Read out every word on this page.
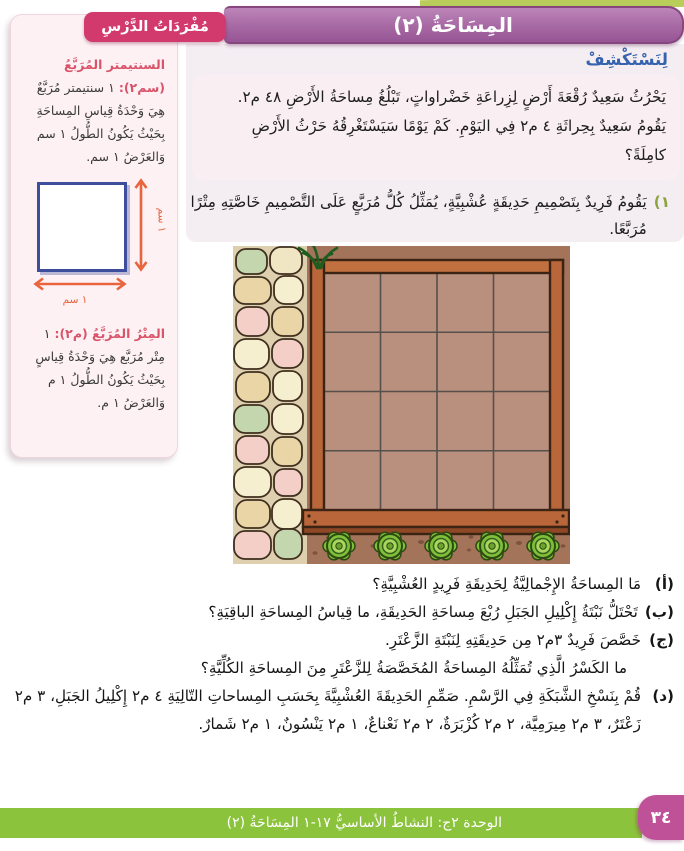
المِسَاحَةُ (٢)
مُفْرَدَاتُ الدَّرْسِ

السنتيمتر المُرَبَّعُ (سم٢): ١ سنتيمتر مُرَبَّعٌ هِيَ وَحْدَةُ قِياسِ المِساحَةِ بِحَيْثُ يَكُونُ الطُّولُ ١ سم وَالعَرْضُ ١ سم.

١ سم
١ سم

المِتْرُ المُرَبَّعُ (م٢): ١ مِتْر مُرَبَّع هِيَ وَحْدَةُ قِياسٍ بِحَيْثُ يَكُونُ الطُّولُ ١ م وَالعَرْضُ ١ م.

لِنَسْتَكْشِفْ
يَحْرُثُ سَعِيدٌ رُقْعَةَ أَرْضٍ لِزِراعَةِ خَضْراواتٍ، تَبْلُغُ مِساحَةُ الأَرْضِ ٤٨ م٢. يَقُومُ سَعِيدٌ بِحِراثَةِ ٤ م٢ فِي اليَوْمِ. كَمْ يَوْمًا سَيَسْتَغْرِقُهُ حَرْثُ الأَرْضِ كامِلَةً؟
١)
يَقُومُ فَرِيدٌ بِتَصْمِيمِ حَدِيقَةٍ عُشْبِيَّةٍ، يُمَثِّلُ كُلُّ مُرَبَّعٍ عَلَى التَّصْمِيمِ خَاصَّتِهِ مِتْرًا مُرَبَّعًا.
(أ)
مَا المِساحَةُ الإِجْمالِيَّةُ لِحَدِيقَةِ فَرِيدٍ العُشْبِيَّةِ؟
(ب)
تَحْتَلُّ نَبْتَةُ إِكْلِيلِ الجَبَلِ رُبْعَ مِساحَةِ الحَدِيقَةِ، ما قِياسُ المِساحَةِ الباقِيَةِ؟
(ج)
خَصَّصَ فَرِيدٌ ٣م٢ مِن حَدِيقَتِهِ لِنَبْتَةِ الزَّعْتَرِ.
ما الكَسْرُ الَّذِي تُمَثِّلُهُ المِساحَةُ المُخَصَّصَةُ لِلزَّعْتَرِ مِنَ المِساحَةِ الكُلِّيَّةِ؟
(د)
قُمْ بِنَسْخِ الشَّبَكَةِ فِي الرَّسْمِ. صَمِّمِ الحَدِيقَةَ العُشْبِيَّةَ بِحَسَبِ المِساحاتِ التّالِيَةِ ٤ م٢ إِكْلِيلُ الجَبَلِ، ٣ م٢ زَعْتَرٌ، ٣ م٢ مِيرَمِيَّة، ٢ م٢ كُزْبَرَةٌ، ٢ م٢ نَعْناعٌ، ١ م٢ يَنْسُونٌ، ١ م٢ شَمارٌ.
الوحدة ٢ج: النشاطُ الأساسيُّ ١٧-١ المِسَاحَةُ (٢)	٣٤
